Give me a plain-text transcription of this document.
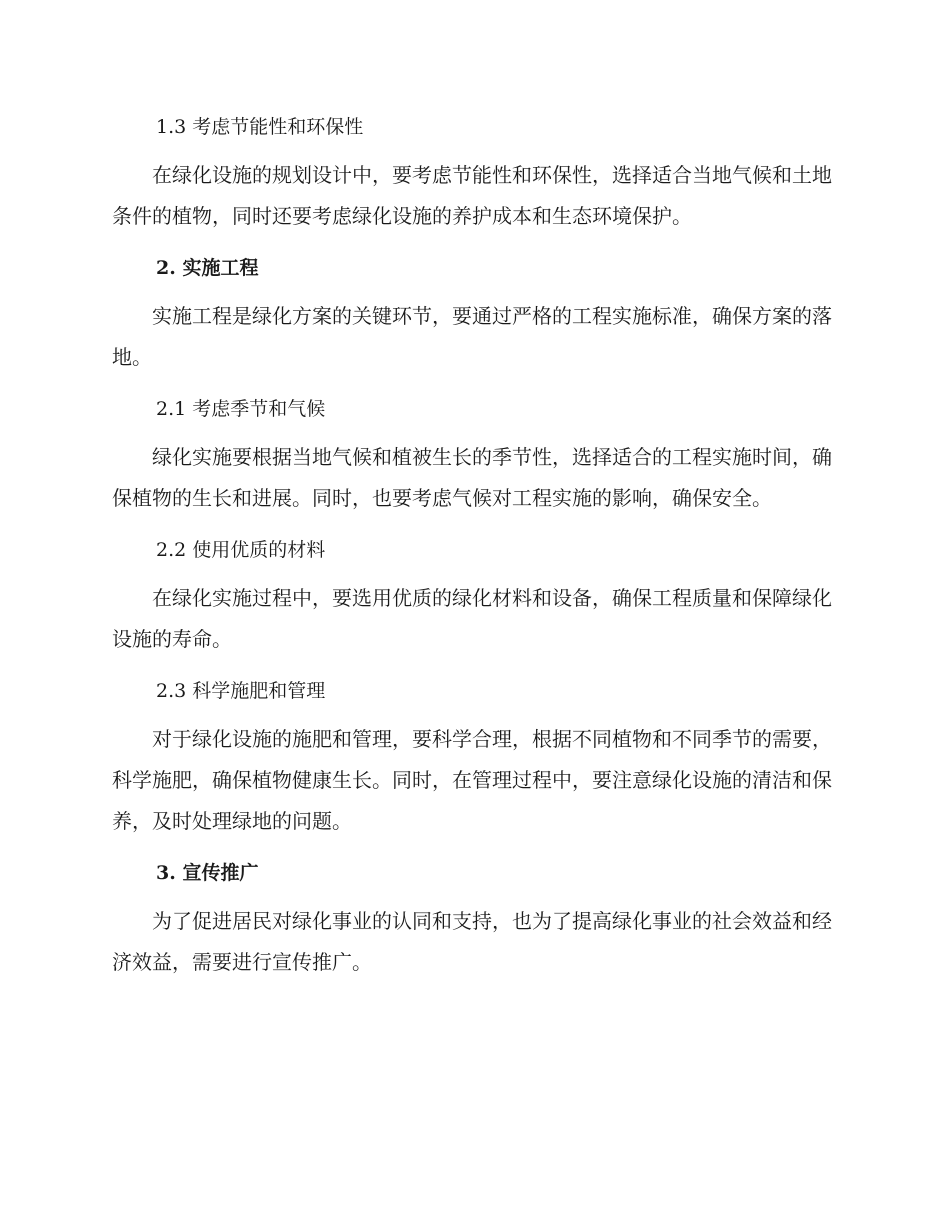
1.3 考虑节能性和环保性

在绿化设施的规划设计中，要考虑节能性和环保性，选择适合当地气候和土地条件的植物，同时还要考虑绿化设施的养护成本和生态环境保护。

2. 实施工程

实施工程是绿化方案的关键环节，要通过严格的工程实施标准，确保方案的落地。

2.1 考虑季节和气候

绿化实施要根据当地气候和植被生长的季节性，选择适合的工程实施时间，确保植物的生长和进展。同时，也要考虑气候对工程实施的影响，确保安全。

2.2 使用优质的材料

在绿化实施过程中，要选用优质的绿化材料和设备，确保工程质量和保障绿化设施的寿命。

2.3 科学施肥和管理

对于绿化设施的施肥和管理，要科学合理，根据不同植物和不同季节的需要，科学施肥，确保植物健康生长。同时，在管理过程中，要注意绿化设施的清洁和保养，及时处理绿地的问题。

3. 宣传推广

为了促进居民对绿化事业的认同和支持，也为了提高绿化事业的社会效益和经济效益，需要进行宣传推广。
